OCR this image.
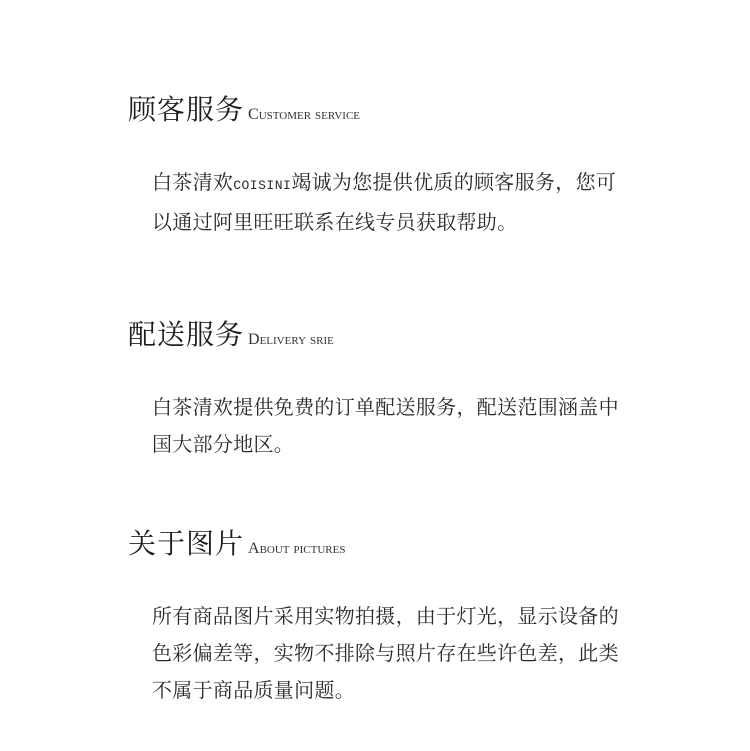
顾客服务 Customer service
白茶清欢COISINI竭诚为您提供优质的顾客服务，您可以通过阿里旺旺联系在线专员获取帮助。
配送服务 Delivery srie
白茶清欢提供免费的订单配送服务，配送范围涵盖中国大部分地区。
关于图片 About pictures
所有商品图片采用实物拍摄，由于灯光，显示设备的色彩偏差等，实物不排除与照片存在些许色差，此类不属于商品质量问题。
